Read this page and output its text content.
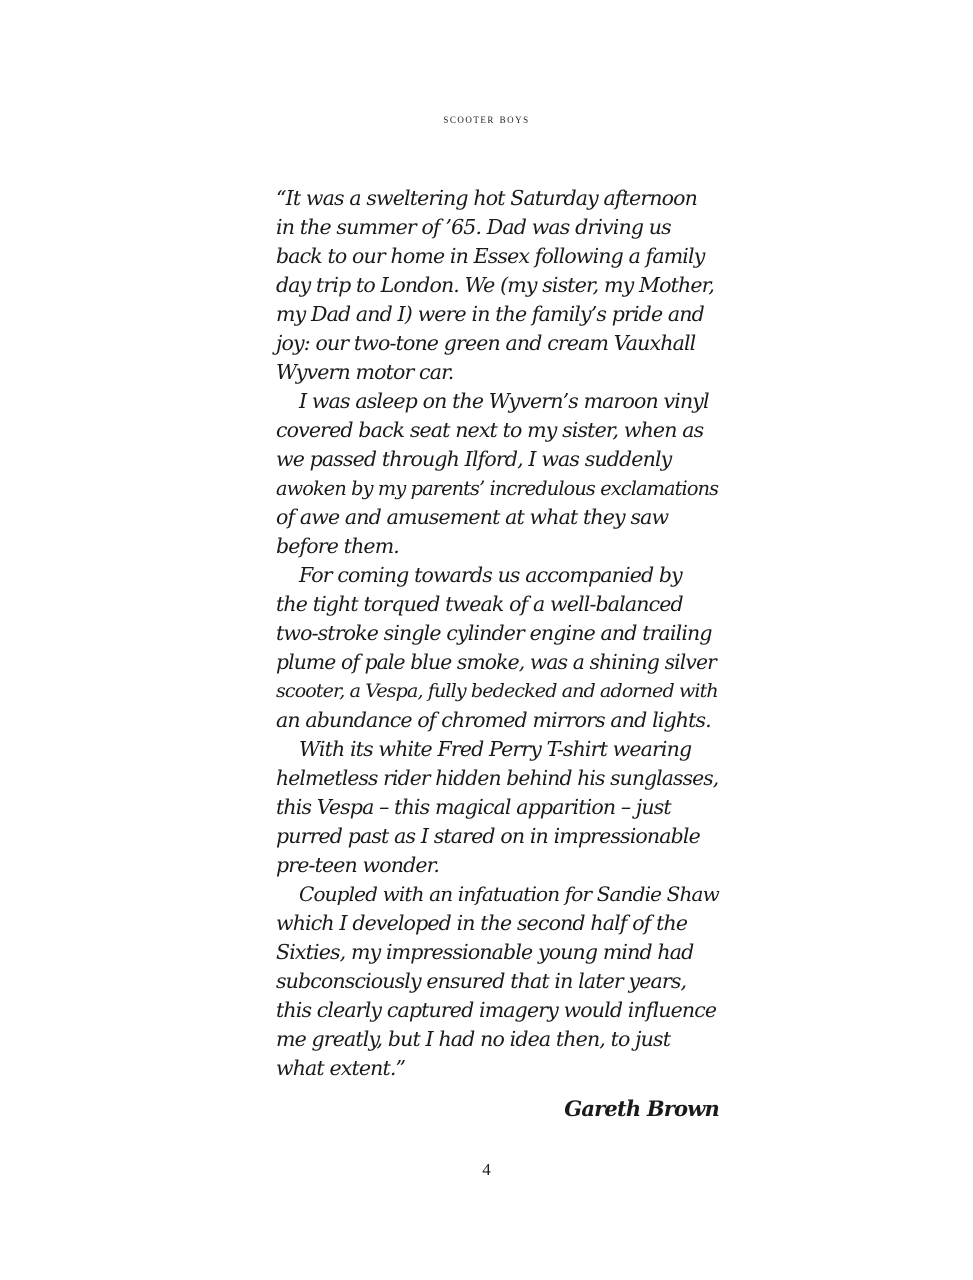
scooter boys
“It was a sweltering hot Saturday afternoon
in the summer of ’65. Dad was driving us
back to our home in Essex following a family
day trip to London. We (my sister, my Mother,
my Dad and I) were in the family’s pride and
joy: our two-tone green and cream Vauxhall
Wyvern motor car.
I was asleep on the Wyvern’s maroon vinyl
covered back seat next to my sister, when as
we passed through Ilford, I was suddenly
awoken by my parents’ incredulous exclamations
of awe and amusement at what they saw
before them.
For coming towards us accompanied by
the tight torqued tweak of a well-balanced
two-stroke single cylinder engine and trailing
plume of pale blue smoke, was a shining silver
scooter, a Vespa, fully bedecked and adorned with
an abundance of chromed mirrors and lights.
With its white Fred Perry T-shirt wearing
helmetless rider hidden behind his sunglasses,
this Vespa – this magical apparition – just
purred past as I stared on in impressionable
pre-teen wonder.
Coupled with an infatuation for Sandie Shaw
which I developed in the second half of the
Sixties, my impressionable young mind had
subconsciously ensured that in later years,
this clearly captured imagery would influence
me greatly, but I had no idea then, to just
what extent.”
Gareth Brown
4
